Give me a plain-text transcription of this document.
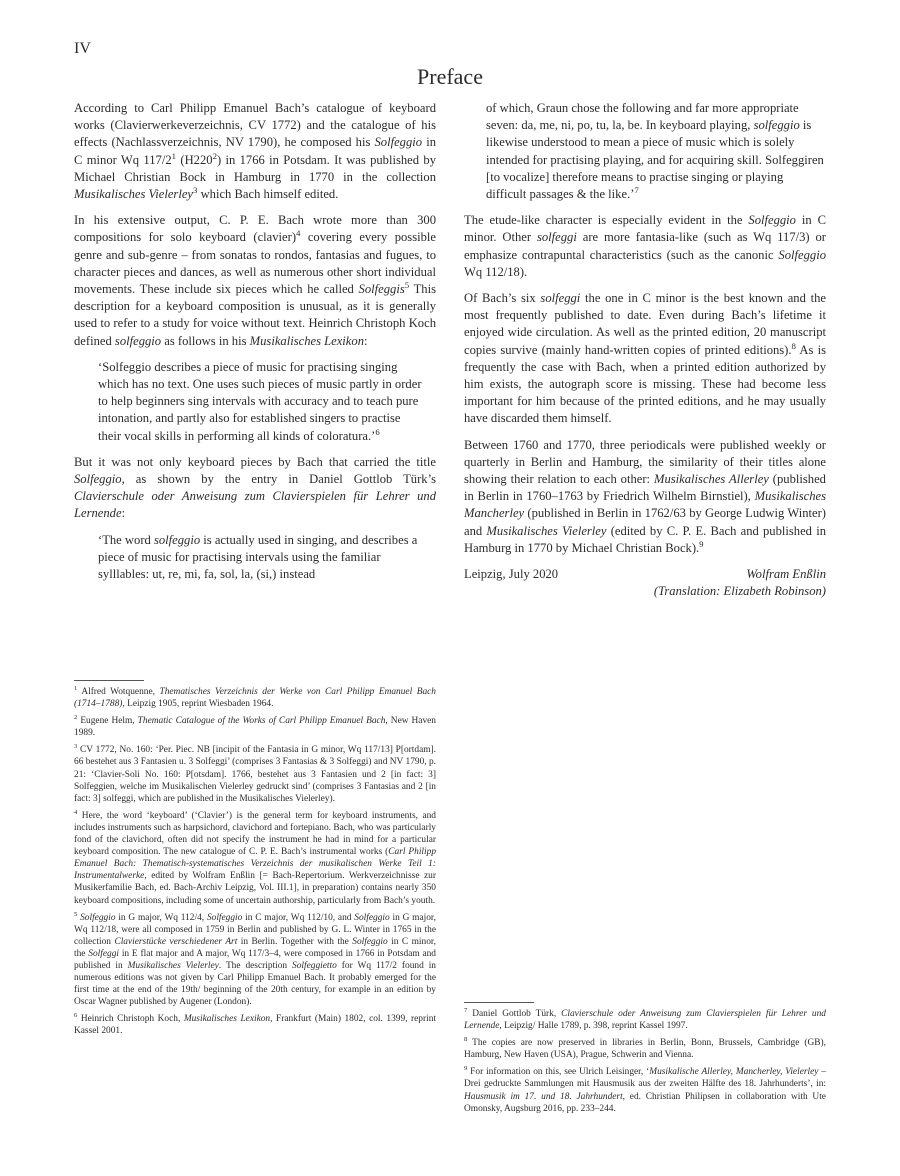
IV
Preface

According to Carl Philipp Emanuel Bach’s catalogue of keyboard works (Clavierwerkeverzeichnis, CV 1772) and the catalogue of his effects (Nachlassverzeichnis, NV 1790), he composed his Solfeggio in C minor Wq $117/2^1$ $(H220^2)$ in 1766 in Potsdam. It was published by Michael Christian Bock in Hamburg in 1770 in the collection Musikalisches Vielerley$^3$ which Bach himself edited.

In his extensive output, C. P. E. Bach wrote more than 300 compositions for solo keyboard (clavier)$^4$ covering every possible genre and sub-genre – from sonatas to rondos, fantasias and fugues, to character pieces and dances, as well as numerous other short individual movements. These include six pieces which he called Solfeggis$^5$ This description for a keyboard composition is unusual, as it is generally used to refer to a study for voice without text. Heinrich Christoph Koch defined solfeggio as follows in his Musikalisches Lexikon:

‘Solfeggio describes a piece of music for practising singing which has no text. One uses such pieces of music partly in order to help beginners sing intervals with accuracy and to teach pure intonation, and partly also for established singers to practise their vocal skills in performing all kinds of coloratura.’$^6$

But it was not only keyboard pieces by Bach that carried the title Solfeggio, as shown by the entry in Daniel Gottlob Türk’s Clavierschule oder Anweisung zum Clavierspielen für Lehrer und Lernende:

‘The word solfeggio is actually used in singing, and describes a piece of music for practising intervals using the familiar sylllables: ut, re, mi, fa, sol, la, (si,) instead

of which, Graun chose the following and far more appropriate seven: da, me, ni, po, tu, la, be. In keyboard playing, solfeggio is likewise understood to mean a piece of music which is solely intended for practising playing, and for acquiring skill. Solfeggiren [to vocalize] therefore means to practise singing or playing difficult passages & the like.’$^7$

The etude-like character is especially evident in the Solfeggio in C minor. Other solfeggi are more fantasia-like (such as Wq 117/3) or emphasize contrapuntal characteristics (such as the canonic Solfeggio Wq 112/18).

Of Bach’s six solfeggi the one in C minor is the best known and the most frequently published to date. Even during Bach’s lifetime it enjoyed wide circulation. As well as the printed edition, 20 manuscript copies survive (mainly hand-written copies of printed editions).$^8$ As is frequently the case with Bach, when a printed edition authorized by him exists, the autograph score is missing. These had become less important for him because of the printed editions, and he may usually have discarded them himself.

Between 1760 and 1770, three periodicals were published weekly or quarterly in Berlin and Hamburg, the similarity of their titles alone showing their relation to each other: Musikalisches Allerley (published in Berlin in 1760–1763 by Friedrich Wilhelm Birnstiel), Musikalisches Mancherley (published in Berlin in 1762/63 by George Ludwig Winter) and Musikalisches Vielerley (edited by C. P. E. Bach and published in Hamburg in 1770 by Michael Christian Bock).$^9$

Leipzig, July 2020	Wolfram Enßlin
(Translation: Elizabeth Robinson)

$^1$ Alfred Wotquenne, Thematisches Verzeichnis der Werke von Carl Philipp Emanuel Bach (1714–1788), Leipzig 1905, reprint Wiesbaden 1964.

$^2$ Eugene Helm, Thematic Catalogue of the Works of Carl Philipp Emanuel Bach, New Haven 1989.

$^3$ CV 1772, No. 160: ‘Per. Piec. NB [incipit of the Fantasia in G minor, Wq 117/13] P[ortdam]. 66 bestehet aus 3 Fantasien u. 3 Solfeggi’ (comprises 3 Fantasias & 3 Solfeggi) and NV 1790, p. 21: ‘Clavier-Soli No. 160: P[otsdam]. 1766, bestehet aus 3 Fantasien und 2 [in fact: 3] Solfeggien, welche im Musikalischen Vielerley gedruckt sind’ (comprises 3 Fantasias and 2 [in fact: 3] solfeggi, which are published in the Musikalisches Vielerley).

$^4$ Here, the word ‘keyboard’ (‘Clavier’) is the general term for keyboard instruments, and includes instruments such as harpsichord, clavichord and fortepiano. Bach, who was particularly fond of the clavichord, often did not specify the instrument he had in mind for a particular keyboard composition. The new catalogue of C. P. E. Bach’s instrumental works (Carl Philipp Emanuel Bach: Thematisch-systematisches Verzeichnis der musikalischen Werke Teil 1: Instrumentalwerke, edited by Wolfram Enßlin [= Bach-Repertorium. Werkverzeichnisse zur Musikerfamilie Bach, ed. Bach-Archiv Leipzig, Vol. III.1], in preparation) contains nearly 350 keyboard compositions, including some of uncertain authorship, particularly from Bach’s youth.

$^5$ Solfeggio in G major, Wq 112/4, Solfeggio in C major, Wq 112/10, and Solfeggio in G major, Wq 112/18, were all composed in 1759 in Berlin and published by G. L. Winter in 1765 in the collection Clavierstücke verschiedener Art in Berlin. Together with the Solfeggio in C minor, the Solfeggi in E flat major and A major, Wq 117/3–4, were composed in 1766 in Potsdam and published in Musikalisches Vielerley. The description Solfeggietto for Wq 117/2 found in numerous editions was not given by Carl Philipp Emanuel Bach. It probably emerged for the first time at the end of the 19th/ beginning of the 20th century, for example in an edition by Oscar Wagner published by Augener (London).

$^6$ Heinrich Christoph Koch, Musikalisches Lexikon, Frankfurt (Main) 1802, col. 1399, reprint Kassel 2001.

$^7$ Daniel Gottlob Türk, Clavierschule oder Anweisung zum Clavierspielen für Lehrer und Lernende, Leipzig/ Halle 1789, p. 398, reprint Kassel 1997.

$^8$ The copies are now preserved in libraries in Berlin, Bonn, Brussels, Cambridge (GB), Hamburg, New Haven (USA), Prague, Schwerin and Vienna.

$^9$ For information on this, see Ulrich Leisinger, ‘Musikalische Allerley, Mancherley, Vielerley – Drei gedruckte Sammlungen mit Hausmusik aus der zweiten Hälfte des 18. Jahrhunderts’, in: Hausmusik im 17. und 18. Jahrhundert, ed. Christian Philipsen in collaboration with Ute Omonsky, Augsburg 2016, pp. 233–244.
